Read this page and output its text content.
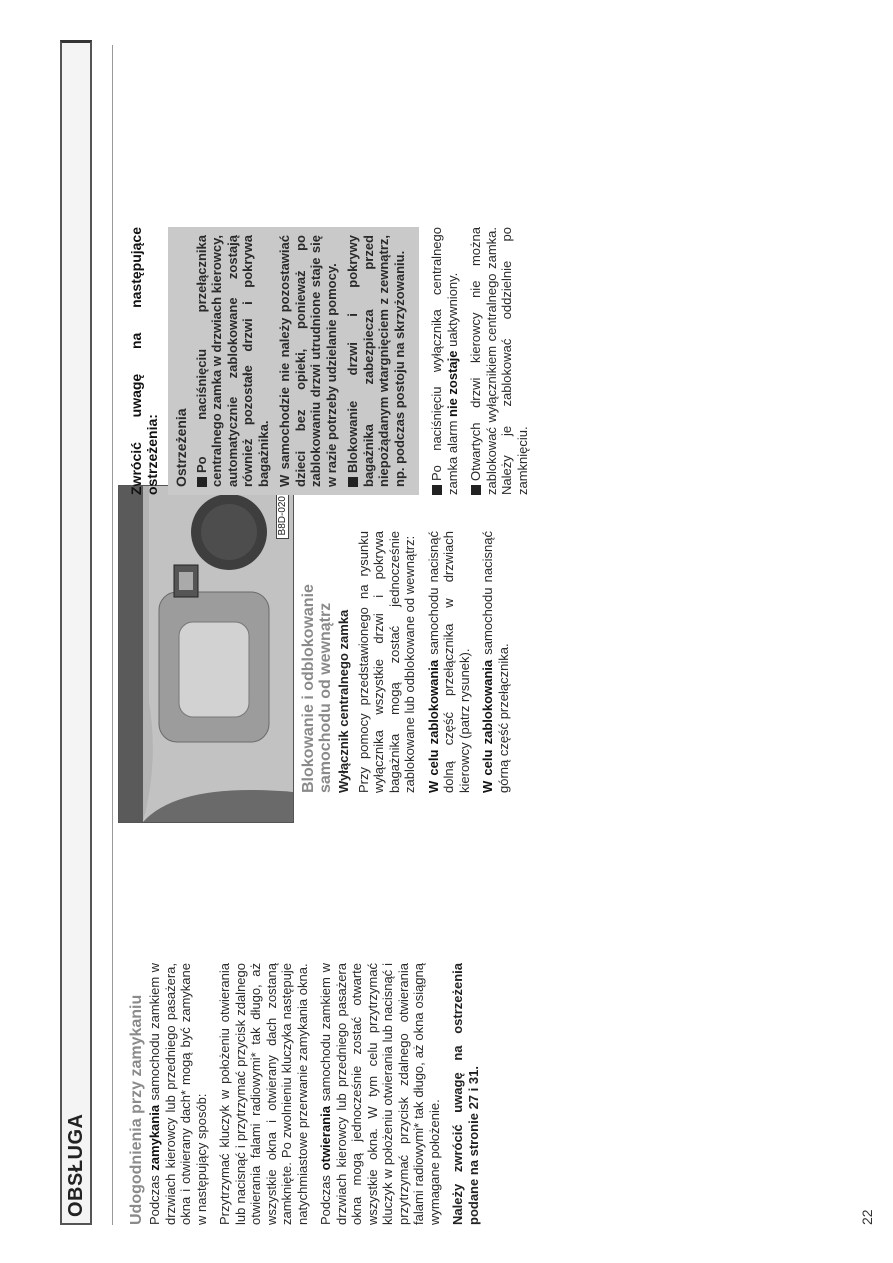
OBSŁUGA	Udogodnienia przy zamykaniu Podczas zamykania samochodu zamkiem w drzwiach kierowcy lub przedniego pasażera, okna i otwierany dach* mogą być zamykane w następujący sposób: Przytrzymać kluczyk w położeniu otwierania lub nacisnąć i przytrzymać przycisk zdalnego otwierania falami radiowymi* tak długo, aż wszystkie okna i otwierany dach zostaną zamknięte. Po zwolnieniu kluczyka następuje natychmiastowe przerwanie zamykania okna. Podczas otwierania samochodu zamkiem w drzwiach kierowcy lub przedniego pasażera okna mogą jednocześnie zostać otwarte wszystkie okna. W tym celu przytrzymać kluczyk w położeniu otwierania lub nacisnąć i przytrzymać przycisk zdalnego otwierania falami radiowymi* tak długo, aż okna osiągną wymagane położenie. Należy zwrócić uwagę na ostrzeżenia podane na stronie 27 i 31.

B8D-020
Blokowanie i odblokowanie samochodu od wewnątrz Wyłącznik centralnego zamka Przy pomocy przedstawionego na rysunku wyłącznika wszystkie drzwi i pokrywa bagażnika mogą zostać jednocześnie zablokowane lub odblokowane od wewnątrz: W celu zablokowania samochodu nacisnąć dolną część przełącznika w drzwiach kierowcy (patrz rysunek). W celu zablokowania samochodu nacisnąć górną część przełącznika.

Zwrócić uwagę na następujące ostrzeżenia: Ostrzeżenia Po naciśnięciu przełącznika centralnego zamka w drzwiach kierowcy, automatycznie zablokowane zostają również pozostałe drzwi i pokrywa bagażnika. W samochodzie nie należy pozostawiać dzieci bez opieki, ponieważ po zablokowaniu drzwi utrudnione staje się w razie potrzeby udzielanie pomocy. Blokowanie drzwi i pokrywy bagażnika zabezpiecza przed niepożądanym wtargnięciem z zewnątrz, np. podczas postoju na skrzyżowaniu. Po naciśnięciu wyłącznika centralnego zamka alarm nie zostaje uaktywniony. Otwartych drzwi kierowcy nie można zablokować wyłącznikiem centralnego zamka. Należy je zablokować oddzielnie po zamknięciu.

22
